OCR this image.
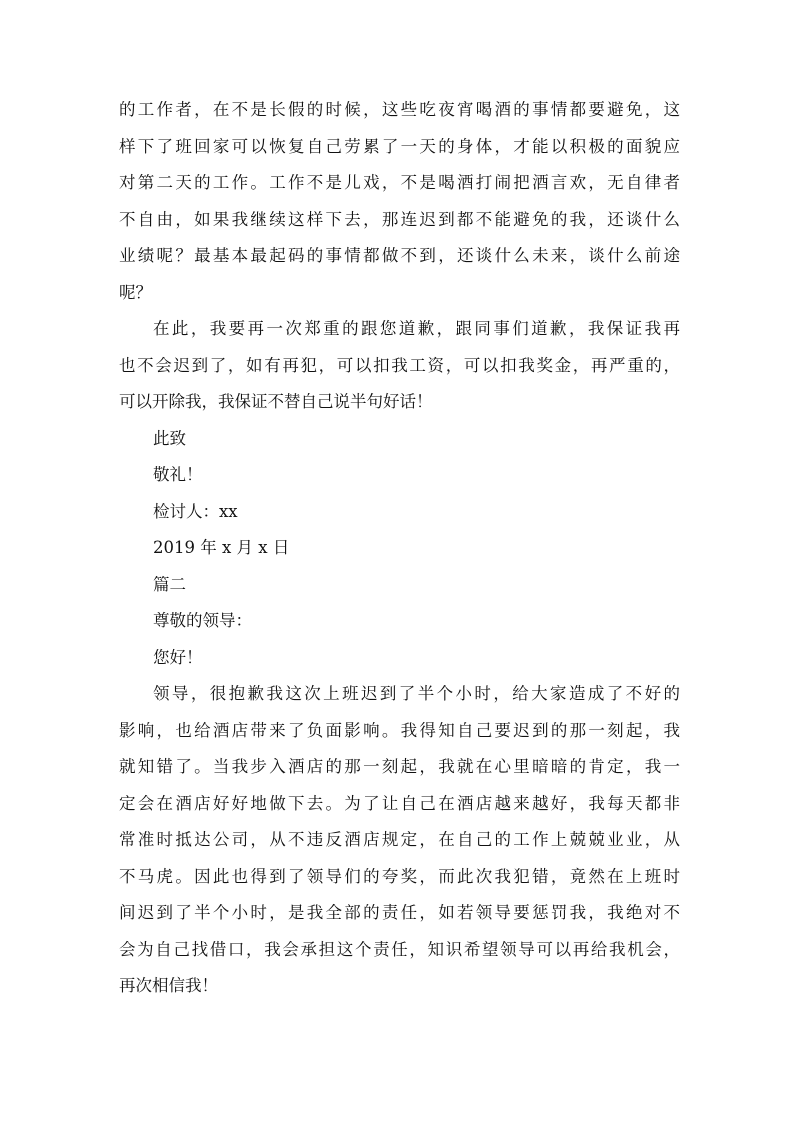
的工作者，在不是长假的时候，这些吃夜宵喝酒的事情都要避免，这
样下了班回家可以恢复自己劳累了一天的身体，才能以积极的面貌应
对第二天的工作。工作不是儿戏，不是喝酒打闹把酒言欢，无自律者
不自由，如果我继续这样下去，那连迟到都不能避免的我，还谈什么
业绩呢？最基本最起码的事情都做不到，还谈什么未来，谈什么前途
呢？
在此，我要再一次郑重的跟您道歉，跟同事们道歉，我保证我再
也不会迟到了，如有再犯，可以扣我工资，可以扣我奖金，再严重的，
可以开除我，我保证不替自己说半句好话！
此致
敬礼！
检讨人：xx
2019 年 x 月 x 日
篇二
尊敬的领导：
您好！
领导，很抱歉我这次上班迟到了半个小时，给大家造成了不好的
影响，也给酒店带来了负面影响。我得知自己要迟到的那一刻起，我
就知错了。当我步入酒店的那一刻起，我就在心里暗暗的肯定，我一
定会在酒店好好地做下去。为了让自己在酒店越来越好，我每天都非
常准时抵达公司，从不违反酒店规定，在自己的工作上兢兢业业，从
不马虎。因此也得到了领导们的夸奖，而此次我犯错，竟然在上班时
间迟到了半个小时，是我全部的责任，如若领导要惩罚我，我绝对不
会为自己找借口，我会承担这个责任，知识希望领导可以再给我机会，
再次相信我！
